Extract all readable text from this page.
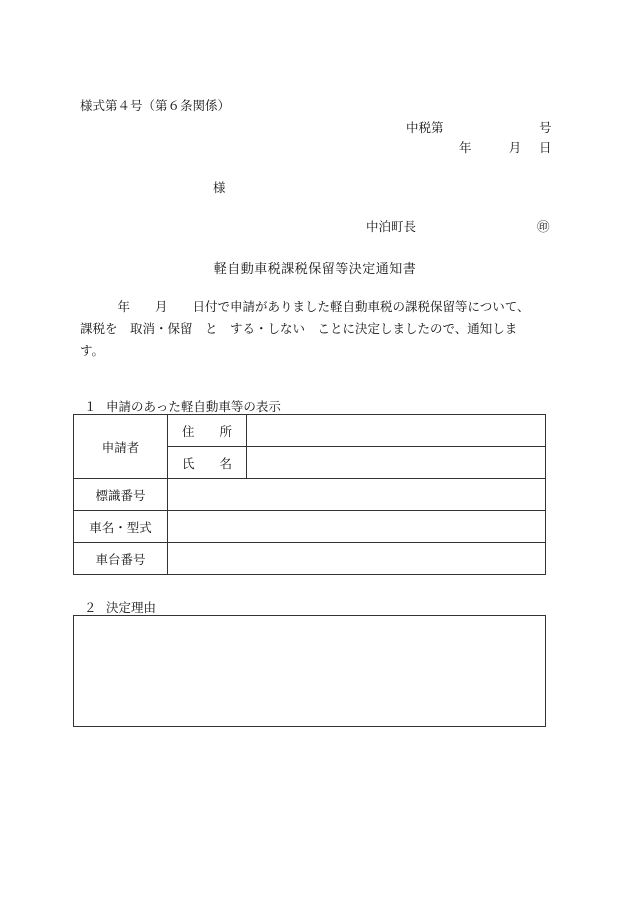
様式第４号（第６条関係）
中税第	号
年	月 日
様
中泊町長	㊞
軽自動車税課税保留等決定通知書
　　　年　　月　　日付で申請がありました軽自動車税の課税保留等について、
課税を　取消・保留　と　する・しない　ことに決定しましたので、通知しま
す。
１ 申請のあった軽自動車等の表示
申請者	住 所	

	氏 名	

標識番号		
車名・型式		
車台番号		
２ 決定理由
